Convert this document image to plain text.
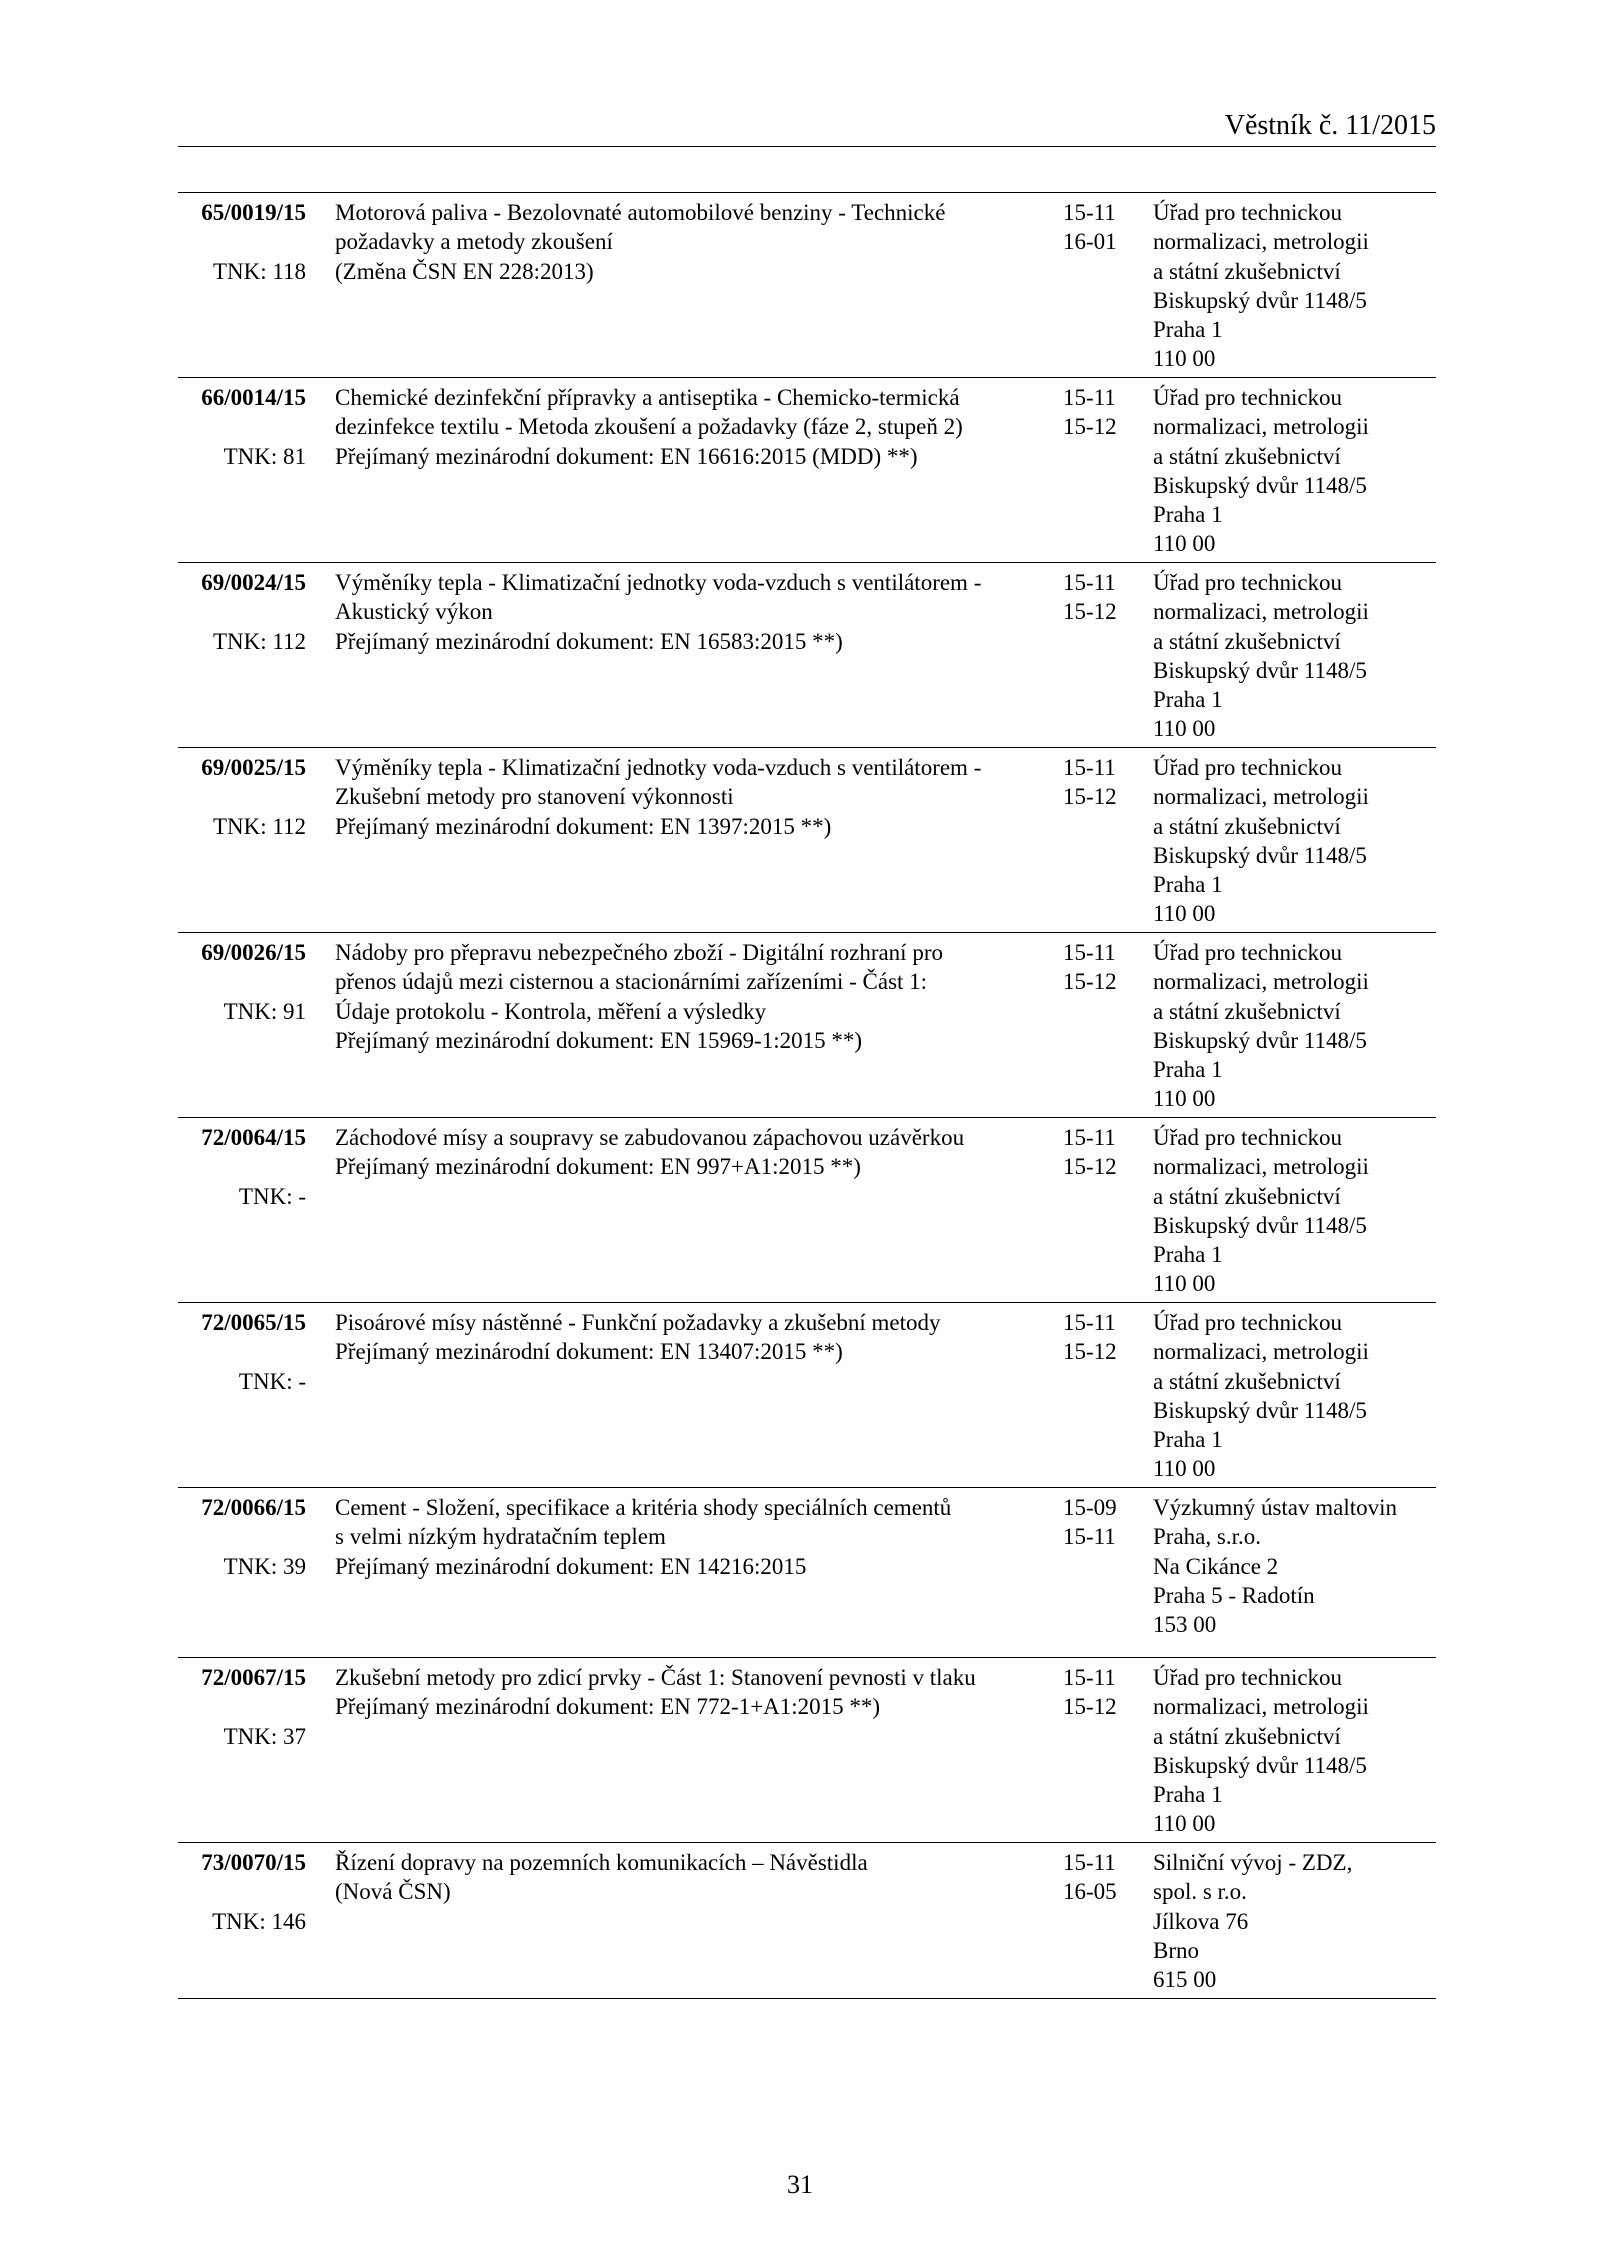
Věstník č. 11/2015
65/0019/15
TNK: 118
Motorová paliva - Bezolovnaté automobilové benziny - Technické
požadavky a metody zkoušení
(Změna ČSN EN 228:2013)
15-11
16-01
Úřad pro technickou
normalizaci, metrologii
a státní zkušebnictví
Biskupský dvůr 1148/5
Praha 1
110 00
66/0014/15
TNK: 81
Chemické dezinfekční přípravky a antiseptika - Chemicko-termická
dezinfekce textilu - Metoda zkoušení a požadavky (fáze 2, stupeň 2)
Přejímaný mezinárodní dokument: EN 16616:2015 (MDD) **)
15-11
15-12
Úřad pro technickou
normalizaci, metrologii
a státní zkušebnictví
Biskupský dvůr 1148/5
Praha 1
110 00
69/0024/15
TNK: 112
Výměníky tepla - Klimatizační jednotky voda-vzduch s ventilátorem -
Akustický výkon
Přejímaný mezinárodní dokument: EN 16583:2015 **)
15-11
15-12
Úřad pro technickou
normalizaci, metrologii
a státní zkušebnictví
Biskupský dvůr 1148/5
Praha 1
110 00
69/0025/15
TNK: 112
Výměníky tepla - Klimatizační jednotky voda-vzduch s ventilátorem -
Zkušební metody pro stanovení výkonnosti
Přejímaný mezinárodní dokument: EN 1397:2015 **)
15-11
15-12
Úřad pro technickou
normalizaci, metrologii
a státní zkušebnictví
Biskupský dvůr 1148/5
Praha 1
110 00
69/0026/15
TNK: 91
Nádoby pro přepravu nebezpečného zboží - Digitální rozhraní pro
přenos údajů mezi cisternou a stacionárními zařízeními - Část 1:
Údaje protokolu - Kontrola, měření a výsledky
Přejímaný mezinárodní dokument: EN 15969-1:2015 **)
15-11
15-12
Úřad pro technickou
normalizaci, metrologii
a státní zkušebnictví
Biskupský dvůr 1148/5
Praha 1
110 00
72/0064/15
TNK: -
Záchodové mísy a soupravy se zabudovanou zápachovou uzávěrkou
Přejímaný mezinárodní dokument: EN 997+A1:2015 **)
15-11
15-12
Úřad pro technickou
normalizaci, metrologii
a státní zkušebnictví
Biskupský dvůr 1148/5
Praha 1
110 00
72/0065/15
TNK: -
Pisoárové mísy nástěnné - Funkční požadavky a zkušební metody
Přejímaný mezinárodní dokument: EN 13407:2015 **)
15-11
15-12
Úřad pro technickou
normalizaci, metrologii
a státní zkušebnictví
Biskupský dvůr 1148/5
Praha 1
110 00
72/0066/15
TNK: 39
Cement - Složení, specifikace a kritéria shody speciálních cementů
s velmi nízkým hydratačním teplem
Přejímaný mezinárodní dokument: EN 14216:2015
15-09
15-11
Výzkumný ústav maltovin
Praha, s.r.o.
Na Cikánce 2
Praha 5 - Radotín
153 00
72/0067/15
TNK: 37
Zkušební metody pro zdicí prvky - Část 1: Stanovení pevnosti v tlaku
Přejímaný mezinárodní dokument: EN 772-1+A1:2015 **)
15-11
15-12
Úřad pro technickou
normalizaci, metrologii
a státní zkušebnictví
Biskupský dvůr 1148/5
Praha 1
110 00
73/0070/15
TNK: 146
Řízení dopravy na pozemních komunikacích – Návěstidla
(Nová ČSN)
15-11
16-05
Silniční vývoj - ZDZ,
spol. s r.o.
Jílkova 76
Brno
615 00
31
